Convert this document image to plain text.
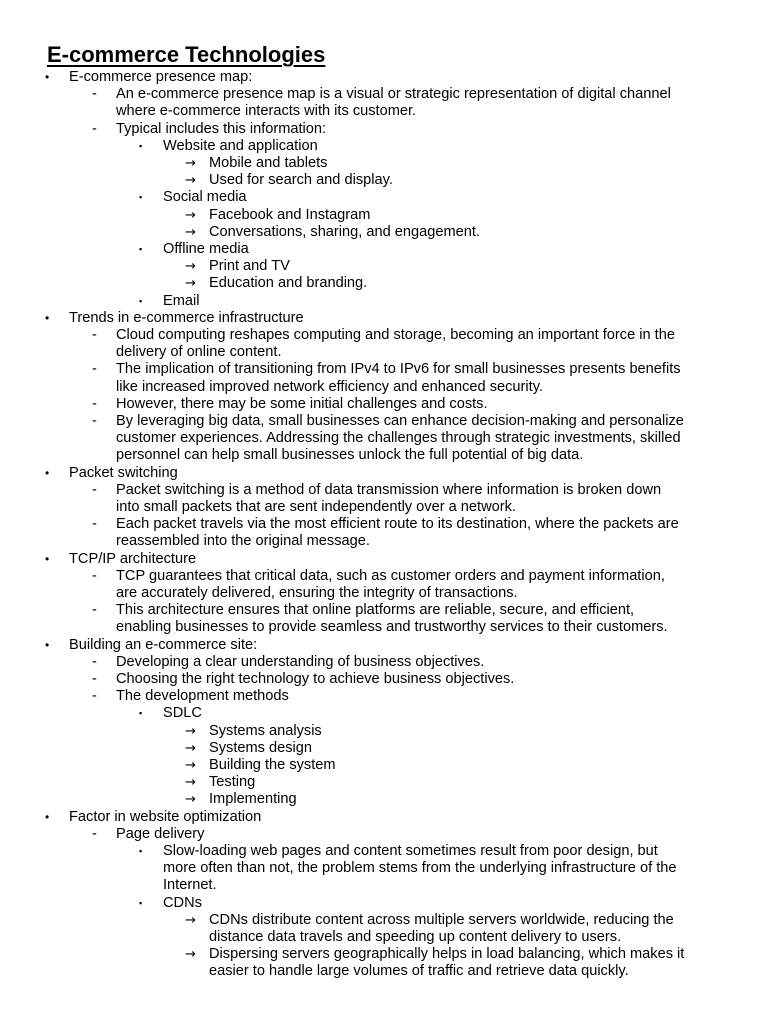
E-commerce Technologies
• E-commerce presence map:
- An e-commerce presence map is a visual or strategic representation of digital channel
where e-commerce interacts with its customer.
- Typical includes this information:
▪ Website and application
→ Mobile and tablets
→ Used for search and display.
▪ Social media
→ Facebook and Instagram
→ Conversations, sharing, and engagement.
▪ Offline media
→ Print and TV
→ Education and branding.
▪ Email
• Trends in e-commerce infrastructure
- Cloud computing reshapes computing and storage, becoming an important force in the
delivery of online content.
- The implication of transitioning from IPv4 to IPv6 for small businesses presents benefits
like increased improved network efficiency and enhanced security.
- However, there may be some initial challenges and costs.
- By leveraging big data, small businesses can enhance decision-making and personalize
customer experiences. Addressing the challenges through strategic investments, skilled
personnel can help small businesses unlock the full potential of big data.
• Packet switching
- Packet switching is a method of data transmission where information is broken down
into small packets that are sent independently over a network.
- Each packet travels via the most efficient route to its destination, where the packets are
reassembled into the original message.
• TCP/IP architecture
- TCP guarantees that critical data, such as customer orders and payment information,
are accurately delivered, ensuring the integrity of transactions.
- This architecture ensures that online platforms are reliable, secure, and efficient,
enabling businesses to provide seamless and trustworthy services to their customers.
• Building an e-commerce site:
- Developing a clear understanding of business objectives.
- Choosing the right technology to achieve business objectives.
- The development methods
▪ SDLC
→ Systems analysis
→ Systems design
→ Building the system
→ Testing
→ Implementing
• Factor in website optimization
- Page delivery
▪ Slow-loading web pages and content sometimes result from poor design, but
more often than not, the problem stems from the underlying infrastructure of the
Internet.
▪ CDNs
→ CDNs distribute content across multiple servers worldwide, reducing the
distance data travels and speeding up content delivery to users.
→ Dispersing servers geographically helps in load balancing, which makes it
easier to handle large volumes of traffic and retrieve data quickly.
